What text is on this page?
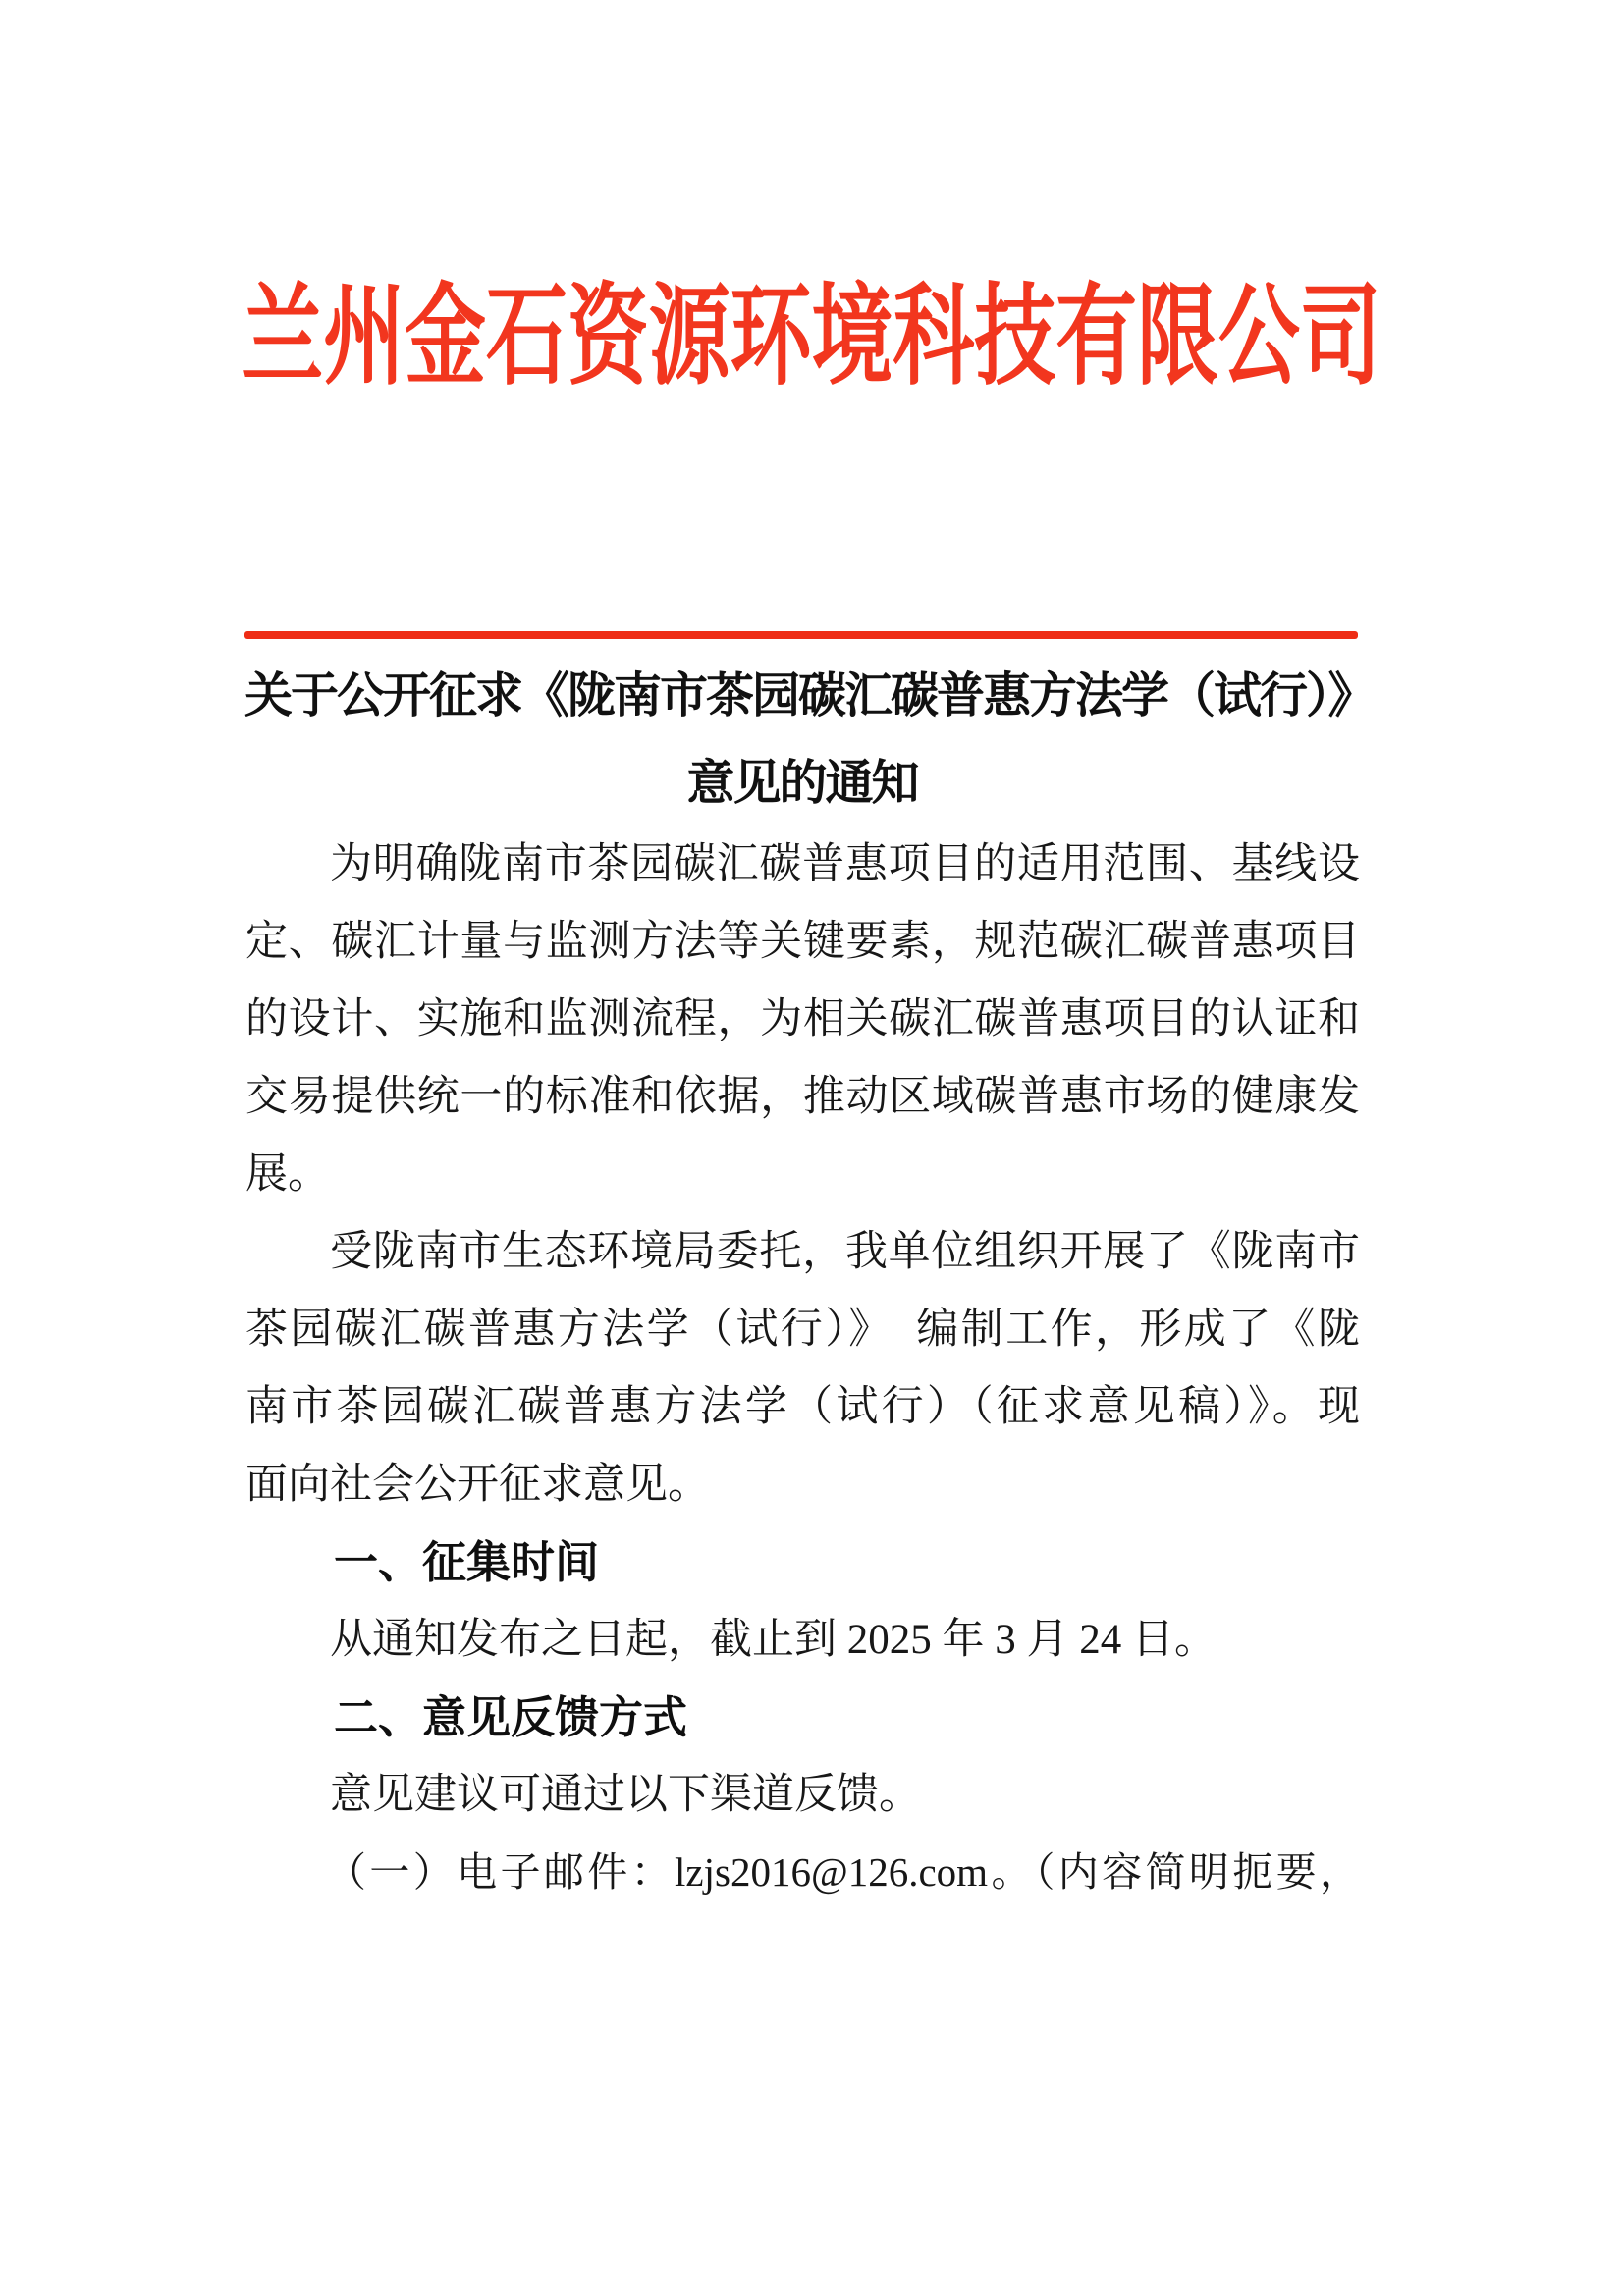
兰州金石资源环境科技有限公司
关于公开征求《陇南市茶园碳汇碳普惠方法学（试行）》
意见的通知
为明确陇南市茶园碳汇碳普惠项目的适用范围、基线设
定、碳汇计量与监测方法等关键要素，规范碳汇碳普惠项目
的设计、实施和监测流程，为相关碳汇碳普惠项目的认证和
交易提供统一的标准和依据，推动区域碳普惠市场的健康发
展。
受陇南市生态环境局委托，我单位组织开展了《陇南市
茶园碳汇碳普惠方法学（试行）》　编制工作，形成了《陇
南市茶园碳汇碳普惠方法学（试行）（征求意见稿）》。现
面向社会公开征求意见。
一、征集时间
从通知发布之日起，截止到 2025 年 3 月 24 日。
二、意见反馈方式
意见建议可通过以下渠道反馈。
（一）电子邮件：lzjs2016@126.com。（内容简明扼要，
